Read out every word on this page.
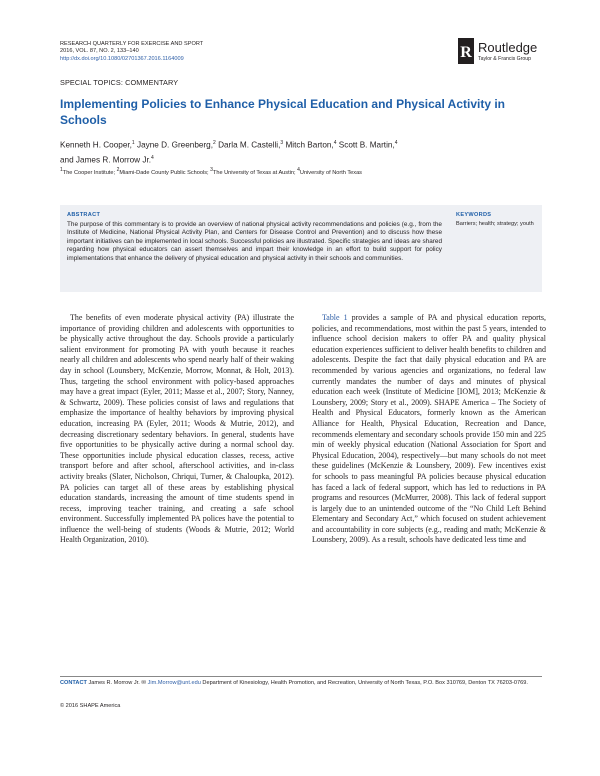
RESEARCH QUARTERLY FOR EXERCISE AND SPORT
2016, VOL. 87, NO. 2, 133–140
http://dx.doi.org/10.1080/02701367.2016.1164009	R Routledge
Taylor & Francis Group
SPECIAL TOPICS: COMMENTARY
Implementing Policies to Enhance Physical Education and Physical Activity in Schools
Kenneth H. Cooper,$^1$ Jayne D. Greenberg,$^2$ Darla M. Castelli,$^3$ Mitch Barton,$^4$ Scott B. Martin,$^4$
and James R. Morrow Jr.$^4$
$^1$The Cooper Institute; $^2$Miami-Dade County Public Schools; $^3$The University of Texas at Austin; $^4$University of North Texas
ABSTRACT
The purpose of this commentary is to provide an overview of national physical activity recommendations and policies (e.g., from the Institute of Medicine, National Physical Activity Plan, and Centers for Disease Control and Prevention) and to discuss how these important initiatives can be implemented in local schools. Successful policies are illustrated. Specific strategies and ideas are shared regarding how physical educators can assert themselves and impart their knowledge in an effort to build support for policy implementations that enhance the delivery of physical education and physical activity in their schools and communities.
KEYWORDS
Barriers; health; strategy; youth

The benefits of even moderate physical activity (PA) illustrate the importance of providing children and adolescents with opportunities to be physically active throughout the day. Schools provide a particularly salient environment for promoting PA with youth because it reaches nearly all children and adolescents who spend nearly half of their waking day in school (Lounsbery, McKenzie, Morrow, Monnat, & Holt, 2013). Thus, targeting the school environment with policy-based approaches may have a great impact (Eyler, 2011; Masse et al., 2007; Story, Nanney, & Schwartz, 2009). These policies consist of laws and regulations that emphasize the importance of healthy behaviors by improving physical education, increasing PA (Eyler, 2011; Woods & Mutrie, 2012), and decreasing discretionary sedentary behaviors. In general, students have five opportunities to be physically active during a normal school day. These opportunities include physical education classes, recess, active transport before and after school, afterschool activities, and in-class activity breaks (Slater, Nicholson, Chriqui, Turner, & Chaloupka, 2012). PA policies can target all of these areas by establishing physical education standards, increasing the amount of time students spend in recess, improving teacher training, and creating a safe school environment. Successfully implemented PA polices have the potential to influence the well-being of students (Woods & Mutrie, 2012; World Health Organization, 2010).

Table 1 provides a sample of PA and physical education reports, policies, and recommendations, most within the past 5 years, intended to influence school decision makers to offer PA and quality physical education experiences sufficient to deliver health benefits to children and adolescents. Despite the fact that daily physical education and PA are recommended by various agencies and organizations, no federal law currently mandates the number of days and minutes of physical education each week (Institute of Medicine [IOM], 2013; McKenzie & Lounsbery, 2009; Story et al., 2009). SHAPE America – The Society of Health and Physical Educators, formerly known as the American Alliance for Health, Physical Education, Recreation and Dance, recommends elementary and secondary schools provide 150 min and 225 min of weekly physical education (National Association for Sport and Physical Education, 2004), respectively—but many schools do not meet these guidelines (McKenzie & Lounsbery, 2009). Few incentives exist for schools to pass meaningful PA policies because physical education has faced a lack of federal support, which has led to reductions in PA programs and resources (McMurrer, 2008). This lack of federal support is largely due to an unintended outcome of the “No Child Left Behind Elementary and Secondary Act,” which focused on student achievement and accountability in core subjects (e.g., reading and math; McKenzie & Lounsbery, 2009). As a result, schools have dedicated less time and

CONTACT James R. Morrow Jr. ✉ Jim.Morrow@unt.edu Department of Kinesiology, Health Promotion, and Recreation, University of North Texas, P.O. Box 310769, Denton TX 76203-0769.
© 2016 SHAPE America
